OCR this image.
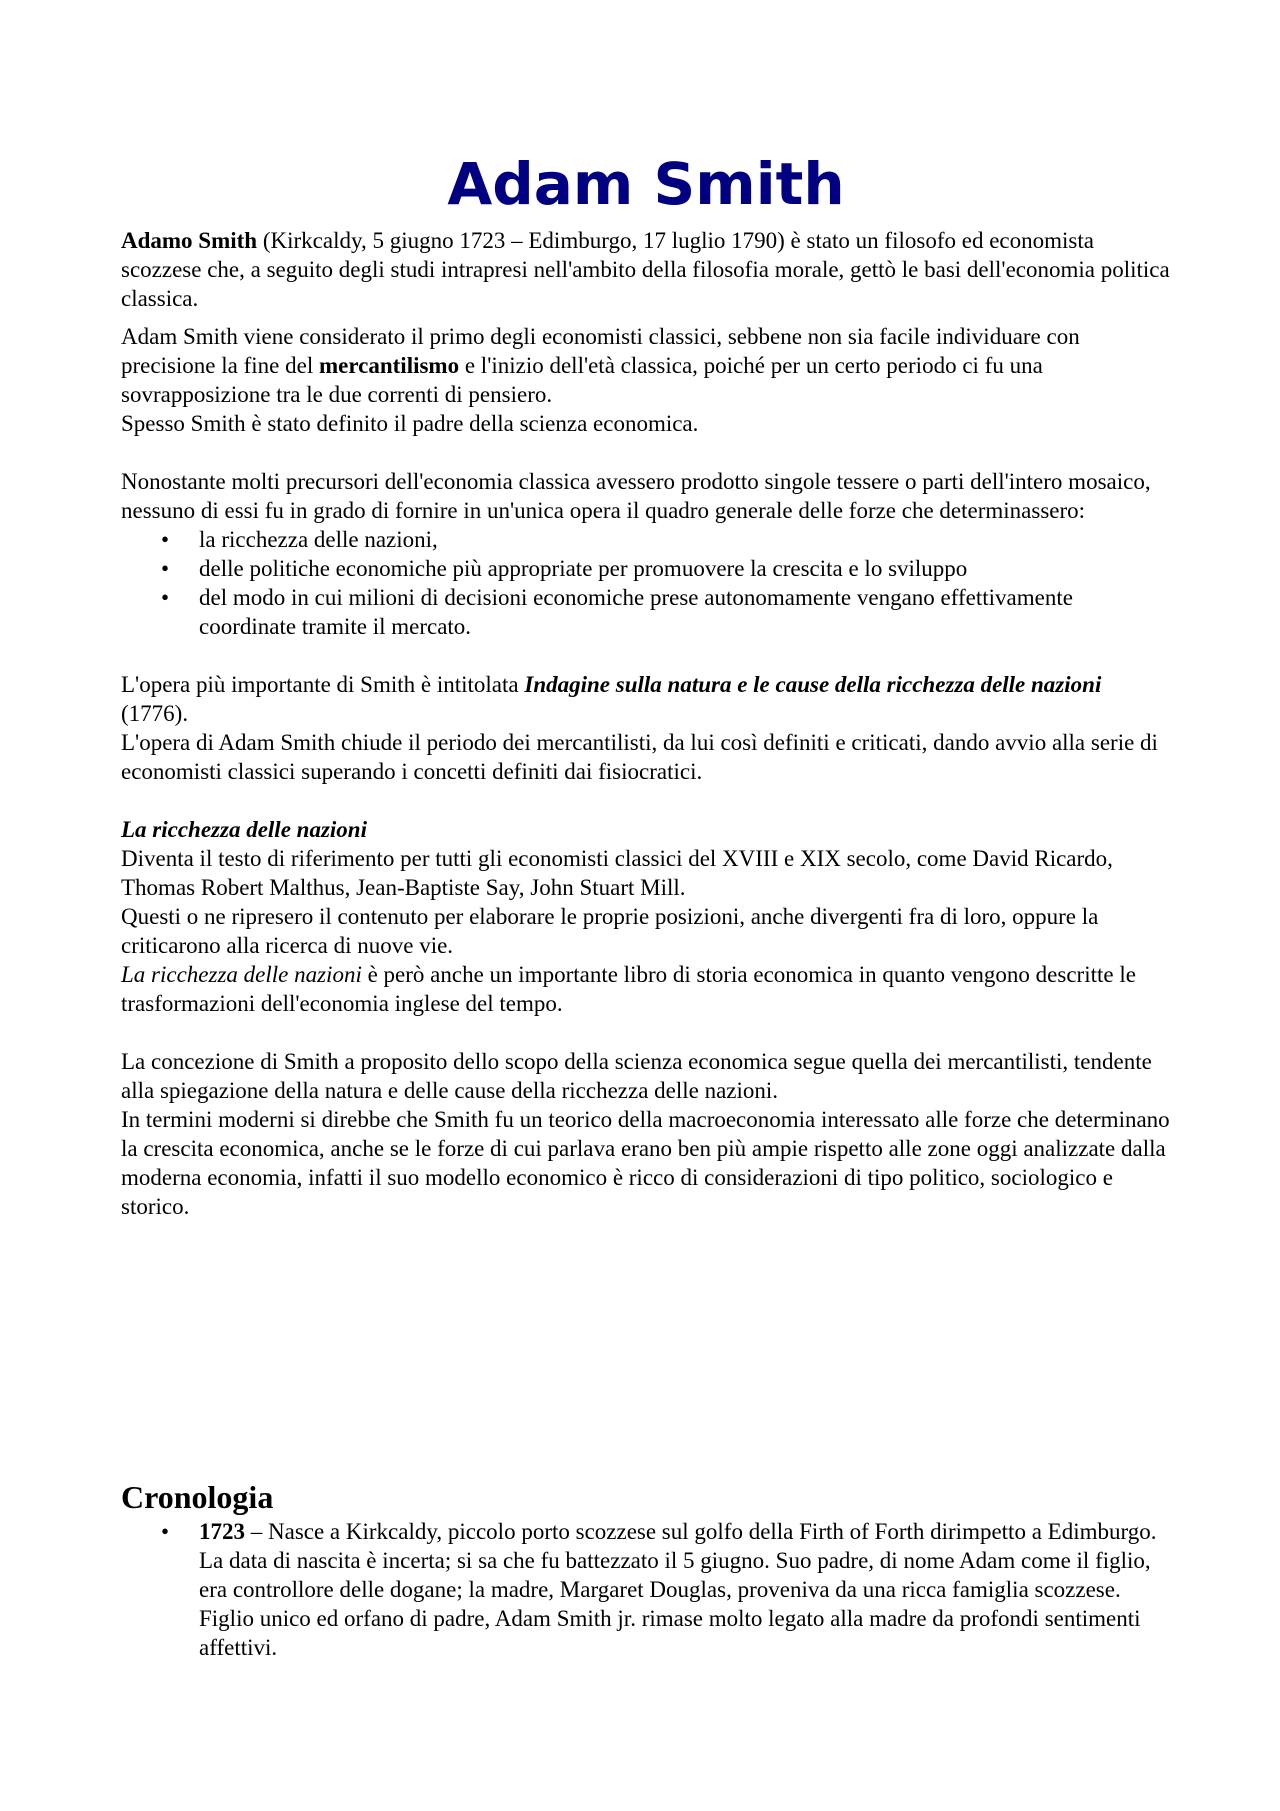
Adam Smith

Adamo Smith (Kirkcaldy, 5 giugno 1723 – Edimburgo, 17 luglio 1790) è stato un filosofo ed economista scozzese che, a seguito degli studi intrapresi nell'ambito della filosofia morale, gettò le basi dell'economia politica classica.

Adam Smith viene considerato il primo degli economisti classici, sebbene non sia facile individuare con precisione la fine del mercantilismo e l'inizio dell'età classica, poiché per un certo periodo ci fu una sovrapposizione tra le due correnti di pensiero.

Spesso Smith è stato definito il padre della scienza economica.

Nonostante molti precursori dell'economia classica avessero prodotto singole tessere o parti dell'intero mosaico, nessuno di essi fu in grado di fornire in un'unica opera il quadro generale delle forze che determinassero:

• la ricchezza delle nazioni,
• delle politiche economiche più appropriate per promuovere la crescita e lo sviluppo
• del modo in cui milioni di decisioni economiche prese autonomamente vengano effettivamente coordinate tramite il mercato.

L'opera più importante di Smith è intitolata Indagine sulla natura e le cause della ricchezza delle nazioni (1776).

L'opera di Adam Smith chiude il periodo dei mercantilisti, da lui così definiti e criticati, dando avvio alla serie di economisti classici superando i concetti definiti dai fisiocratici.

La ricchezza delle nazioni

Diventa il testo di riferimento per tutti gli economisti classici del XVIII e XIX secolo, come David Ricardo, Thomas Robert Malthus, Jean-Baptiste Say, John Stuart Mill.

Questi o ne ripresero il contenuto per elaborare le proprie posizioni, anche divergenti fra di loro, oppure la criticarono alla ricerca di nuove vie.

La ricchezza delle nazioni è però anche un importante libro di storia economica in quanto vengono descritte le trasformazioni dell'economia inglese del tempo.

La concezione di Smith a proposito dello scopo della scienza economica segue quella dei mercantilisti, tendente alla spiegazione della natura e delle cause della ricchezza delle nazioni.

In termini moderni si direbbe che Smith fu un teorico della macroeconomia interessato alle forze che determinano la crescita economica, anche se le forze di cui parlava erano ben più ampie rispetto alle zone oggi analizzate dalla moderna economia, infatti il suo modello economico è ricco di considerazioni di tipo politico, sociologico e storico.

Cronologia
• 1723 – Nasce a Kirkcaldy, piccolo porto scozzese sul golfo della Firth of Forth dirimpetto a Edimburgo. La data di nascita è incerta; si sa che fu battezzato il 5 giugno. Suo padre, di nome Adam come il figlio, era controllore delle dogane; la madre, Margaret Douglas, proveniva da una ricca famiglia scozzese. Figlio unico ed orfano di padre, Adam Smith jr. rimase molto legato alla madre da profondi sentimenti affettivi.
